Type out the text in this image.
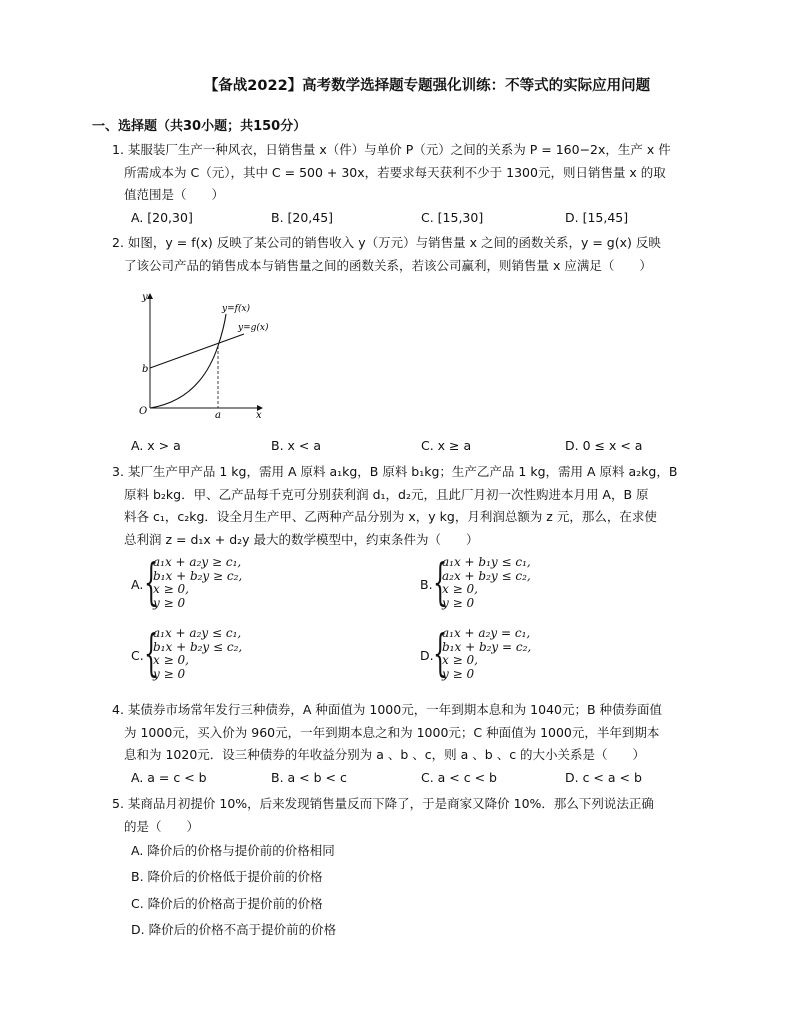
【备战2022】高考数学选择题专题强化训练：不等式的实际应用问题
一、选择题（共30小题；共150分）
1. 某服装厂生产一种风衣，日销售量 x（件）与单价 P（元）之间的关系为 P = 160−2x，生产 x 件
所需成本为 C（元），其中 C = 500 + 30x，若要求每天获利不少于 1300元，则日销售量 x 的取
值范围是（　　）
A. [20,30]	B. [20,45]	C. [15,30]	D. [15,45]
2. 如图，y = f(x) 反映了某公司的销售收入 y（万元）与销售量 x 之间的函数关系，y = g(x) 反映
了该公司产品的销售成本与销售量之间的函数关系，若该公司赢利，则销售量 x 应满足（　　）
y
x
O
b
a
y=f(x)
y=g(x)
A. x > a	B. x < a	C. x ≥ a	D. 0 ≤ x < a
3. 某厂生产甲产品 1 kg，需用 A 原料 a₁kg，B 原料 b₁kg；生产乙产品 1 kg，需用 A 原料 a₂kg，B
原料 b₂kg．甲、乙产品每千克可分别获利润 d₁，d₂元，且此厂月初一次性购进本月用 A，B 原
料各 c₁，c₂kg．设全月生产甲、乙两种产品分别为 x，y kg，月利润总额为 z 元，那么，在求使
总利润 z = d₁x + d₂y 最大的数学模型中，约束条件为（　　）
A. {
a₁x + a₂y ≥ c₁,
b₁x + b₂y ≥ c₂,
x ≥ 0,
y ≥ 0
B. {
a₁x + b₁y ≤ c₁,
a₂x + b₂y ≤ c₂,
x ≥ 0,
y ≥ 0
C. {
a₁x + a₂y ≤ c₁,
b₁x + b₂y ≤ c₂,
x ≥ 0,
y ≥ 0
D. {
a₁x + a₂y = c₁,
b₁x + b₂y = c₂,
x ≥ 0,
y ≥ 0
4. 某债券市场常年发行三种债券，A 种面值为 1000元，一年到期本息和为 1040元；B 种债券面值
为 1000元，买入价为 960元，一年到期本息之和为 1000元；C 种面值为 1000元，半年到期本
息和为 1020元．设三种债券的年收益分别为 a 、b 、c，则 a 、b 、c 的大小关系是（　　）
A. a = c < b	B. a < b < c	C. a < c < b	D. c < a < b
5. 某商品月初提价 10%，后来发现销售量反而下降了，于是商家又降价 10%．那么下列说法正确
的是（　　）
A. 降价后的价格与提价前的价格相同
B. 降价后的价格低于提价前的价格
C. 降价后的价格高于提价前的价格
D. 降价后的价格不高于提价前的价格
